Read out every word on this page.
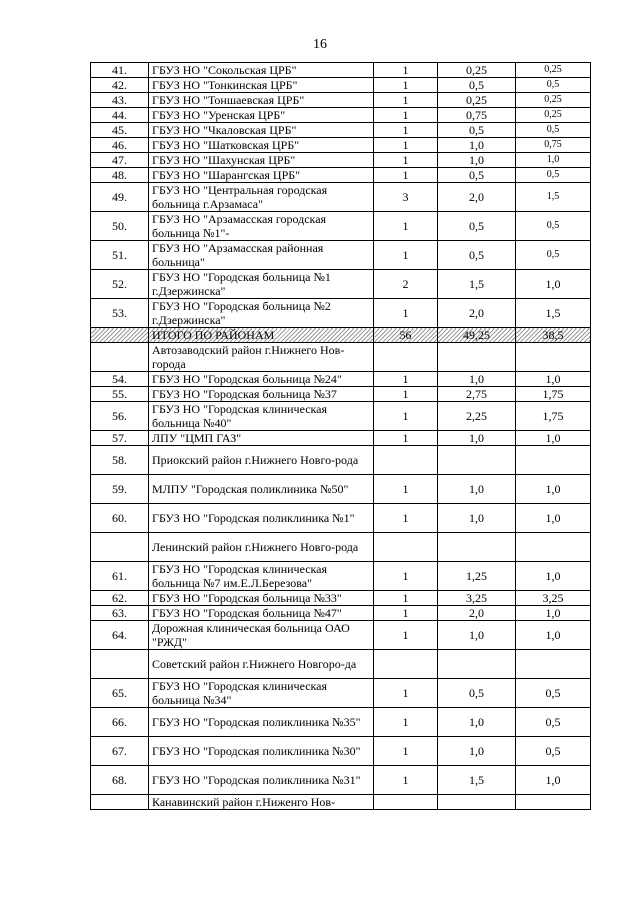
16
41.	ГБУЗ НО "Сокольская ЦРБ"	1	0,25	0,25
42.	ГБУЗ НО "Тонкинская ЦРБ"	1	0,5	0,5
43.	ГБУЗ НО "Тоншаевская ЦРБ"	1	0,25	0,25
44.	ГБУЗ НО "Уренская ЦРБ"	1	0,75	0,25
45.	ГБУЗ НО "Чкаловская ЦРБ"	1	0,5	0,5
46.	ГБУЗ НО "Шатковская ЦРБ"	1	1,0	0,75
47.	ГБУЗ НО "Шахунская ЦРБ"	1	1,0	1,0
48.	ГБУЗ НО "Шарангская ЦРБ"	1	0,5	0,5
49.	ГБУЗ НО "Центральная городская больница г.Арзамаса"	3	2,0	1,5
50.	ГБУЗ НО "Арзамасская городская больница №1"-	1	0,5	0,5
51.	ГБУЗ НО "Арзамасская районная больница"	1	0,5	0,5
52.	ГБУЗ НО "Городская больница №1 г.Дзержинска"	2	1,5	1,0
53.	ГБУЗ НО "Городская больница №2 г.Дзержинска"	1	2,0	1,5
	ИТОГО ПО РАЙОНАМ	56	49,25	38,5
	Автозаводский район г.Нижнего Нов-города			
54.	ГБУЗ НО "Городская больница №24"	1	1,0	1,0
55.	ГБУЗ НО "Городская больница №37	1	2,75	1,75
56.	ГБУЗ НО "Городская клиническая больница №40"	1	2,25	1,75
57.	ЛПУ "ЦМП ГАЗ"	1	1,0	1,0
58.	Приокский район г.Нижнего Новго-рода			
59.	МЛПУ "Городская поликлиника №50"	1	1,0	1,0
60.	ГБУЗ НО "Городская поликлиника №1"	1	1,0	1,0
	Ленинский район г.Нижнего Новго-рода			
61.	ГБУЗ НО "Городская клиническая больница №7 им.Е.Л.Березова"	1	1,25	1,0
62.	ГБУЗ НО "Городская больница №33"	1	3,25	3,25
63.	ГБУЗ НО "Городская больница №47"	1	2,0	1,0
64.	Дорожная клиническая больница ОАО "РЖД"	1	1,0	1,0
	Советский район г.Нижнего Новгоро-да			
65.	ГБУЗ НО "Городская клиническая больница №34"	1	0,5	0,5
66.	ГБУЗ НО "Городская поликлиника №35"	1	1,0	0,5
67.	ГБУЗ НО "Городская поликлиника №30"	1	1,0	0,5
68.	ГБУЗ НО "Городская поликлиника №31"	1	1,5	1,0
	Канавинский район г.Ниженго Нов-			
